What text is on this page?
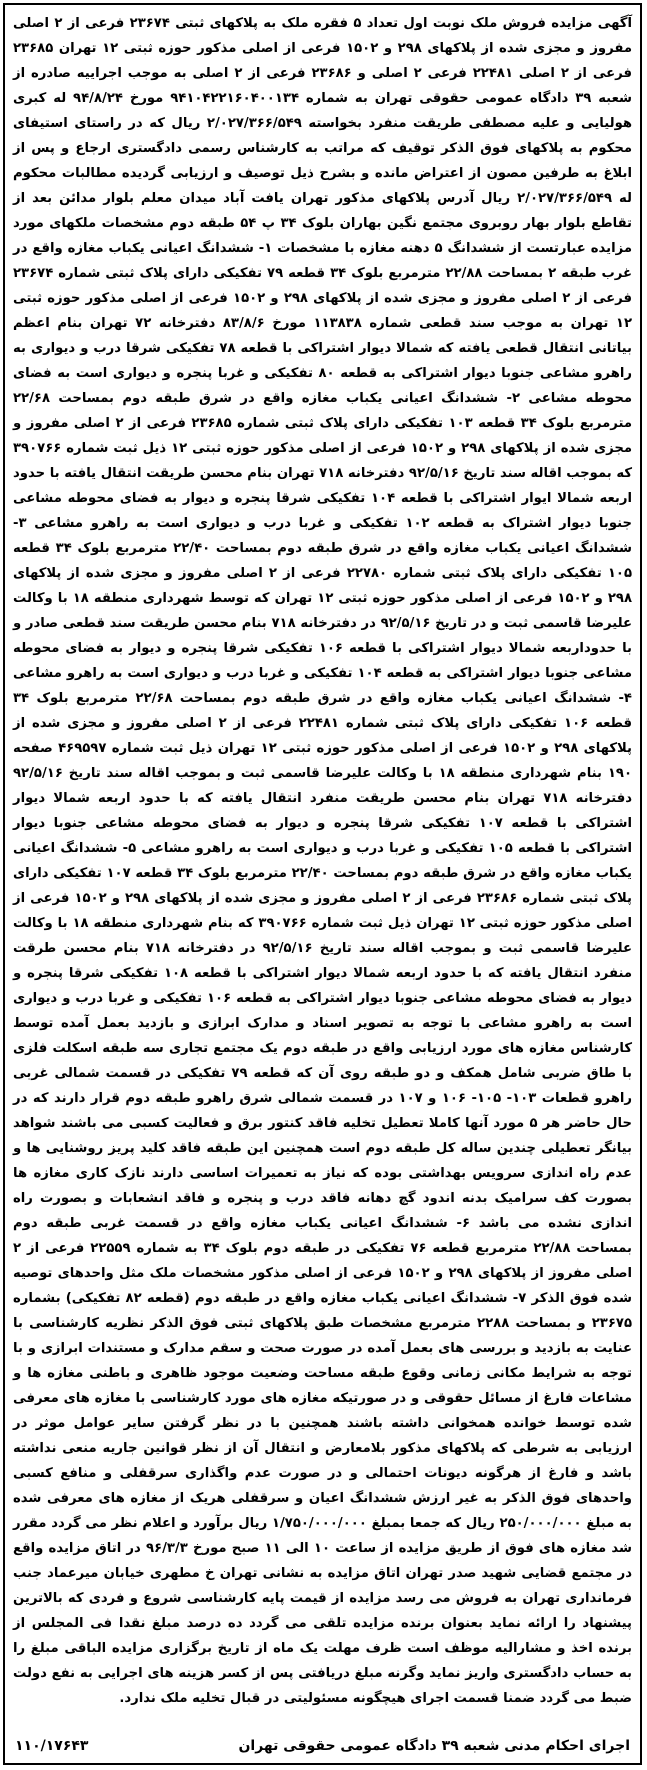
آگهی مزایده فروش ملک نوبت اول تعداد ۵ فقره ملک به پلاکهای ثبتی ۲۳۶۷۴ فرعی از ۲ اصلی مفروز و مجزی شده از پلاکهای ۲۹۸ و ۱۵۰۲ فرعی از اصلی مذکور حوزه ثبتی ۱۲ تهران ۲۳۶۸۵ فرعی از ۲ اصلی ۲۲۴۸۱ فرعی ۲ اصلی و ۲۳۶۸۶ فرعی از ۲ اصلی به موجب اجراییه صادره از شعبه ۳۹ دادگاه عمومی حقوقی تهران به شماره ۹۴۱۰۴۲۲۱۶۰۴۰۰۱۳۴ مورخ ۹۴/۸/۲۴ له کبری هولیایی و علیه مصطفی طریقت منفرد بخواسته ۲/۰۲۷/۳۶۶/۵۴۹ ریال که در راستای استیفای محکوم به پلاکهای فوق الذکر توقیف که مراتب به کارشناس رسمی دادگستری ارجاع و پس از ابلاغ به طرفین مصون از اعتراض مانده و بشرح ذیل توصیف و ارزیابی گردیده مطالبات محکوم له ۲/۰۲۷/۳۶۶/۵۴۹ ریال آدرس پلاکهای مذکور تهران یافت آباد میدان معلم بلوار مدائن بعد از تقاطع بلوار بهار روبروی مجتمع نگین بهاران بلوک ۳۴ پ ۵۴ طبقه دوم مشخصات ملکهای مورد مزایده عبارتست از ششدانگ ۵ دهنه مغازه با مشخصات ۱- ششدانگ اعیانی یکباب مغازه واقع در غرب طبقه ۲ بمساحت ۲۲/۸۸ مترمربع بلوک ۳۴ قطعه ۷۹ تفکیکی دارای پلاک ثبتی شماره ۲۳۶۷۴ فرعی از ۲ اصلی مفروز و مجزی شده از پلاکهای ۲۹۸ و ۱۵۰۲ فرعی از اصلی مذکور حوزه ثبتی ۱۲ تهران به موجب سند قطعی شماره ۱۱۳۸۳۸ مورخ ۸۳/۸/۶ دفترخانه ۷۲ تهران بنام اعظم بیاتانی انتقال قطعی یافته که شمالا دیوار اشتراکی با قطعه ۷۸ تفکیکی شرقا درب و دیواری به راهرو مشاعی جنوبا دیوار اشتراکی به قطعه ۸۰ تفکیکی و غربا پنجره و دیواری است به فضای محوطه مشاعی ۲- ششدانگ اعیانی یکباب مغازه واقع در شرق طبقه دوم بمساحت ۲۲/۶۸ مترمربع بلوک ۳۴ قطعه ۱۰۳ تفکیکی دارای پلاک ثبتی شماره ۲۳۶۸۵ فرعی از ۲ اصلی مفروز و مجزی شده از پلاکهای ۲۹۸ و ۱۵۰۲ فرعی از اصلی مذکور حوزه ثبتی ۱۲ ذیل ثبت شماره ۳۹۰۷۶۶ که بموجب اقاله سند تاریخ ۹۲/۵/۱۶ دفترخانه ۷۱۸ تهران بنام محسن طریقت انتقال یافته با حدود اربعه شمالا ایوار اشتراکی با قطعه ۱۰۴ تفکیکی شرقا پنجره و دیوار به فضای محوطه مشاعی جنوبا دیوار اشتراک به قطعه ۱۰۲ تفکیکی و غربا درب و دیواری است به راهرو مشاعی ۳- ششدانگ اعیانی یکباب مغازه واقع در شرق طبقه دوم بمساحت ۲۲/۴۰ مترمربع بلوک ۳۴ قطعه ۱۰۵ تفکیکی دارای پلاک ثبتی شماره ۲۲۷۸۰ فرعی از ۲ اصلی مفروز و مجزی شده از پلاکهای ۲۹۸ و ۱۵۰۲ فرعی از اصلی مذکور حوزه ثبتی ۱۲ تهران که توسط شهرداری منطقه ۱۸ با وکالت علیرضا قاسمی ثبت و در تاریخ ۹۲/۵/۱۶ در دفترخانه ۷۱۸ بنام محسن طریقت سند قطعی صادر و با حدوداربعه شمالا دیوار اشتراکی با قطعه ۱۰۶ تفکیکی شرقا پنجره و دیوار به فضای محوطه مشاعی جنوبا دیوار اشتراکی به قطعه ۱۰۴ تفکیکی و غربا درب و دیواری است به راهرو مشاعی ۴- ششدانگ اعیانی یکباب مغازه واقع در شرق طبقه دوم بمساحت ۲۲/۶۸ مترمربع بلوک ۳۴ قطعه ۱۰۶ تفکیکی دارای پلاک ثبتی شماره ۲۲۴۸۱ فرعی از ۲ اصلی مفروز و مجزی شده از پلاکهای ۲۹۸ و ۱۵۰۲ فرعی از اصلی مذکور حوزه ثبتی ۱۲ تهران ذیل ثبت شماره ۴۶۹۵۹۷ صفحه ۱۹۰ بنام شهرداری منطقه ۱۸ با وکالت علیرضا قاسمی ثبت و بموجب اقاله سند تاریخ ۹۲/۵/۱۶ دفترخانه ۷۱۸ تهران بنام محسن طریقت منفرد انتقال یافته که با حدود اربعه شمالا دیوار اشتراکی با قطعه ۱۰۷ تفکیکی شرقا پنجره و دیوار به فضای محوطه مشاعی جنوبا دیوار اشتراکی با قطعه ۱۰۵ تفکیکی و غربا درب و دیواری است به راهرو مشاعی ۵- ششدانگ اعیانی یکباب مغازه واقع در شرق طبقه دوم بمساحت ۲۲/۴۰ مترمربع بلوک ۳۴ قطعه ۱۰۷ تفکیکی دارای پلاک ثبتی شماره ۲۳۶۸۶ فرعی از ۲ اصلی مفروز و مجزی شده از پلاکهای ۲۹۸ و ۱۵۰۲ فرعی از اصلی مذکور حوزه ثبتی ۱۲ تهران ذیل ثبت شماره ۳۹۰۷۶۶ که بنام شهرداری منطقه ۱۸ با وکالت علیرضا قاسمی ثبت و بموجب اقاله سند تاریخ ۹۲/۵/۱۶ در دفترخانه ۷۱۸ بنام محسن طرقت منفرد انتقال یافته که با حدود اربعه شمالا دیوار اشتراکی با قطعه ۱۰۸ تفکیکی شرقا پنجره و دیوار به فضای محوطه مشاعی جنوبا دیوار اشتراکی به قطعه ۱۰۶ تفکیکی و غربا درب و دیواری است به راهرو مشاعی با توجه به تصویر اسناد و مدارک ابرازی و بازدید بعمل آمده توسط کارشناس مغازه های مورد ارزیابی واقع در طبقه دوم یک مجتمع تجاری سه طبقه اسکلت فلزی با طاق ضربی شامل همکف و دو طبقه روی آن که قطعه ۷۹ تفکیکی در قسمت شمالی غربی راهرو قطعات ۱۰۳- ۱۰۵- ۱۰۶ و ۱۰۷ در قسمت شمالی شرق راهرو طبقه دوم قرار دارند که در حال حاضر هر ۵ مورد آنها کاملا تعطیل تخلیه فاقد کنتور برق و فعالیت کسبی می باشند شواهد بیانگر تعطیلی چندین ساله کل طبقه دوم است همچنین این طبقه فاقد کلید پریز روشنایی ها و عدم راه اندازی سرویس بهداشتی بوده که نیاز به تعمیرات اساسی دارند نازک کاری مغازه ها بصورت کف سرامیک بدنه اندود گچ دهانه فاقد درب و پنجره و فاقد انشعابات و بصورت راه اندازی نشده می باشد ۶- ششدانگ اعیانی یکباب مغازه واقع در قسمت غربی طبقه دوم بمساحت ۲۲/۸۸ مترمربع قطعه ۷۶ تفکیکی در طبقه دوم بلوک ۳۴ به شماره ۲۲۵۵۹ فرعی از ۲ اصلی مفروز از پلاکهای ۲۹۸ و ۱۵۰۲ فرعی از اصلی مذکور مشخصات ملک مثل واحدهای توصیه شده فوق الذکر ۷- ششدانگ اعیانی یکباب مغازه واقع در طبقه دوم (قطعه ۸۲ تفکیکی) بشماره ۲۳۶۷۵ و بمساحت ۲۲۸۸ مترمربع مشخصات طبق پلاکهای ثبتی فوق الذکر نظریه کارشناسی با عنایت به بازدید و بررسی های بعمل آمده در صورت صحت و سقم مدارک و مستندات ابرازی و با توجه به شرایط مکانی زمانی وقوع طبقه مساحت وضعیت موجود ظاهری و باطنی مغازه ها و مشاعات فارغ از مسائل حقوقی و در صورتیکه مغازه های مورد کارشناسی با مغازه های معرفی شده توسط خوانده همخوانی داشته باشند همچنین با در نظر گرفتن سایر عوامل موثر در ارزیابی به شرطی که پلاکهای مذکور بلامعارض و انتقال آن از نظر قوانین جاریه منعی نداشته باشد و فارغ از هرگونه دیونات احتمالی و در صورت عدم واگذاری سرقفلی و منافع کسبی واحدهای فوق الذکر به غیر ارزش ششدانگ اعیان و سرقفلی هریک از مغازه های معرفی شده به مبلغ ۲۵۰/۰۰۰/۰۰۰ ریال که جمعا بمبلغ ۱/۷۵۰/۰۰۰/۰۰۰ ریال برآورد و اعلام نظر می گردد مقرر شد مغازه های فوق از طریق مزایده از ساعت ۱۰ الی ۱۱ صبح مورخ ۹۶/۳/۳ در اتاق مزایده واقع در مجتمع قضایی شهید صدر تهران اتاق مزایده به نشانی تهران خ مطهری خیابان میرعماد جنب فرمانداری تهران به فروش می رسد مزایده از قیمت پایه کارشناسی شروع و فردی که بالاترین پیشنهاد را ارائه نماید بعنوان برنده مزایده تلقی می گردد ده درصد مبلغ نقدا فی المجلس از برنده اخذ و مشارالیه موظف است ظرف مهلت یک ماه از تاریخ برگزاری مزایده الباقی مبلغ را به حساب دادگستری واریز نماید وگرنه مبلغ دریافتی پس از کسر هزینه های اجرایی به نفع دولت ضبط می گردد ضمنا قسمت اجرای هیچگونه مسئولیتی در قبال تخلیه ملک ندارد.
اجرای احکام مدنی شعبه ۳۹ دادگاه عمومی حقوقی تهران
۱۱۰/۱۷۶۴۳
